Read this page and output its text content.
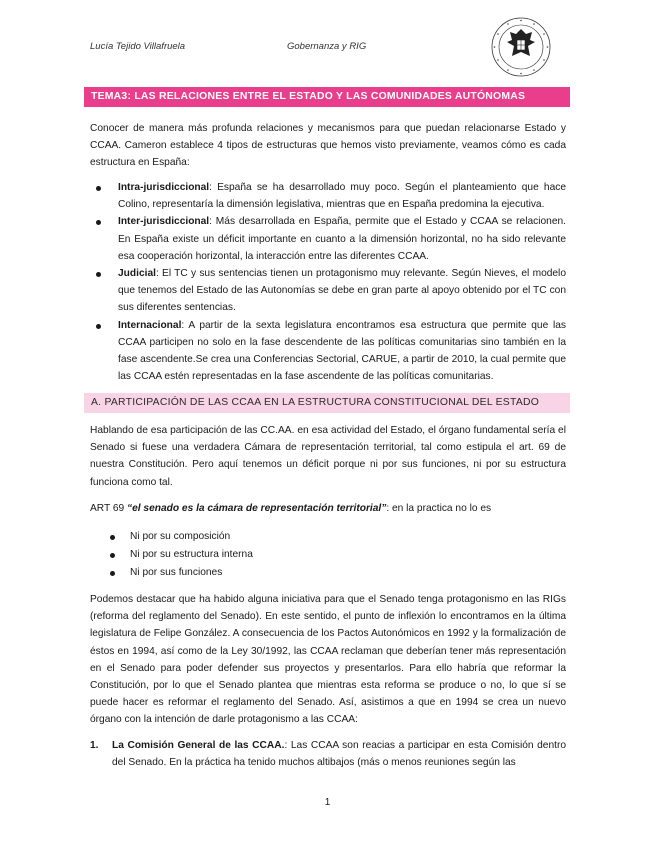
Lucía Tejido Villafruela	Gobernanza y RIG
TEMA3: LAS RELACIONES ENTRE EL ESTADO Y LAS COMUNIDADES AUTÓNOMAS
Conocer de manera más profunda relaciones y mecanismos para que puedan relacionarse Estado y CCAA. Cameron establece 4 tipos de estructuras que hemos visto previamente, veamos cómo es cada estructura en España:
Intra-jurisdiccional: España se ha desarrollado muy poco. Según el planteamiento que hace Colino, representaría la dimensión legislativa, mientras que en España predomina la ejecutiva.
Inter-jurisdiccional: Más desarrollada en España, permite que el Estado y CCAA se relacionen. En España existe un déficit importante en cuanto a la dimensión horizontal, no ha sido relevante esa cooperación horizontal, la interacción entre las diferentes CCAA.
Judicial: El TC y sus sentencias tienen un protagonismo muy relevante. Según Nieves, el modelo que tenemos del Estado de las Autonomías se debe en gran parte al apoyo obtenido por el TC con sus diferentes sentencias.
Internacional: A partir de la sexta legislatura encontramos esa estructura que permite que las CCAA participen no solo en la fase descendente de las políticas comunitarias sino también en la fase ascendente.Se crea una Conferencias Sectorial, CARUE, a partir de 2010, la cual permite que las CCAA estén representadas en la fase ascendente de las políticas comunitarias.
A. PARTICIPACIÓN DE LAS CCAA EN LA ESTRUCTURA CONSTITUCIONAL DEL ESTADO
Hablando de esa participación de las CC.AA. en esa actividad del Estado, el órgano fundamental sería el Senado si fuese una verdadera Cámara de representación territorial, tal como estipula el art. 69 de nuestra Constitución. Pero aquí tenemos un déficit porque ni por sus funciones, ni por su estructura funciona como tal.
ART 69 “el senado es la cámara de representación territorial”: en la practica no lo es
Ni por su composición
Ni por su estructura interna
Ni por sus funciones
Podemos destacar que ha habido alguna iniciativa para que el Senado tenga protagonismo en las RIGs (reforma del reglamento del Senado). En este sentido, el punto de inflexión lo encontramos en la última legislatura de Felipe González. A consecuencia de los Pactos Autonómicos en 1992 y la formalización de éstos en 1994, así como de la Ley 30/1992, las CCAA reclaman que deberían tener más representación en el Senado para poder defender sus proyectos y presentarlos. Para ello habría que reformar la Constitución, por lo que el Senado plantea que mientras esta reforma se produce o no, lo que sí se puede hacer es reformar el reglamento del Senado. Así, asistimos a que en 1994 se crea un nuevo órgano con la intención de darle protagonismo a las CCAA:
1.	La Comisión General de las CCAA.: Las CCAA son reacias a participar en esta Comisión dentro del Senado. En la práctica ha tenido muchos altibajos (más o menos reuniones según las
1
